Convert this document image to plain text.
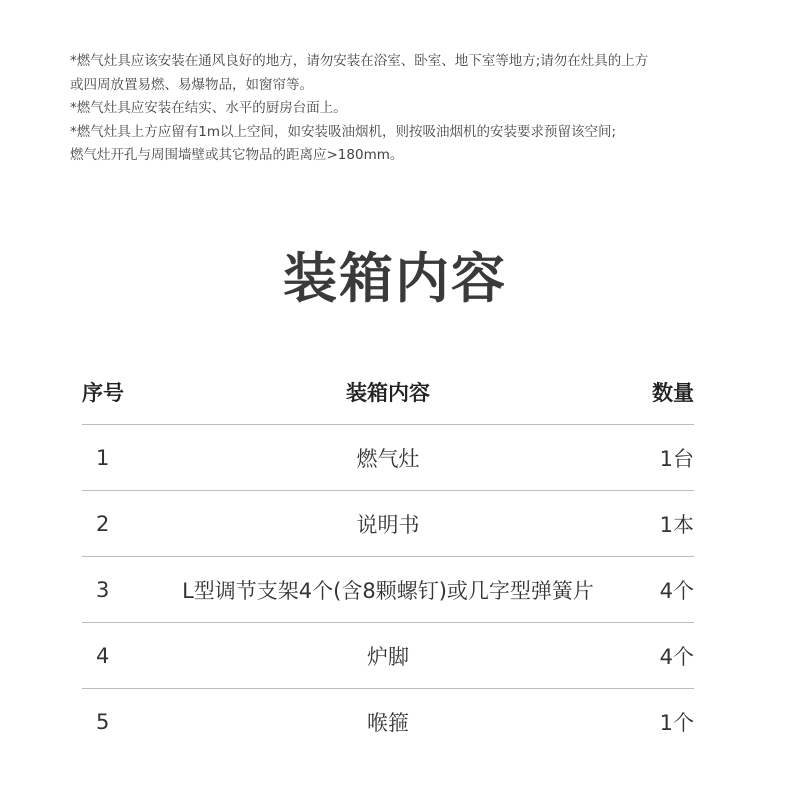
*燃气灶具应该安装在通风良好的地方，请勿安装在浴室、卧室、地下室等地方;请勿在灶具的上方

或四周放置易燃、易爆物品，如窗帘等。

*燃气灶具应安装在结实、水平的厨房台面上。

*燃气灶具上方应留有1m以上空间，如安装吸油烟机，则按吸油烟机的安装要求预留该空间;

燃气灶开孔与周围墙壁或其它物品的距离应>180mm。

装箱内容
序号	装箱内容	数量
1	燃气灶	1台
2	说明书	1本
3	L型调节支架4个(含8颗螺钉)或几字型弹簧片	4个
4	炉脚	4个
5	喉箍	1个
